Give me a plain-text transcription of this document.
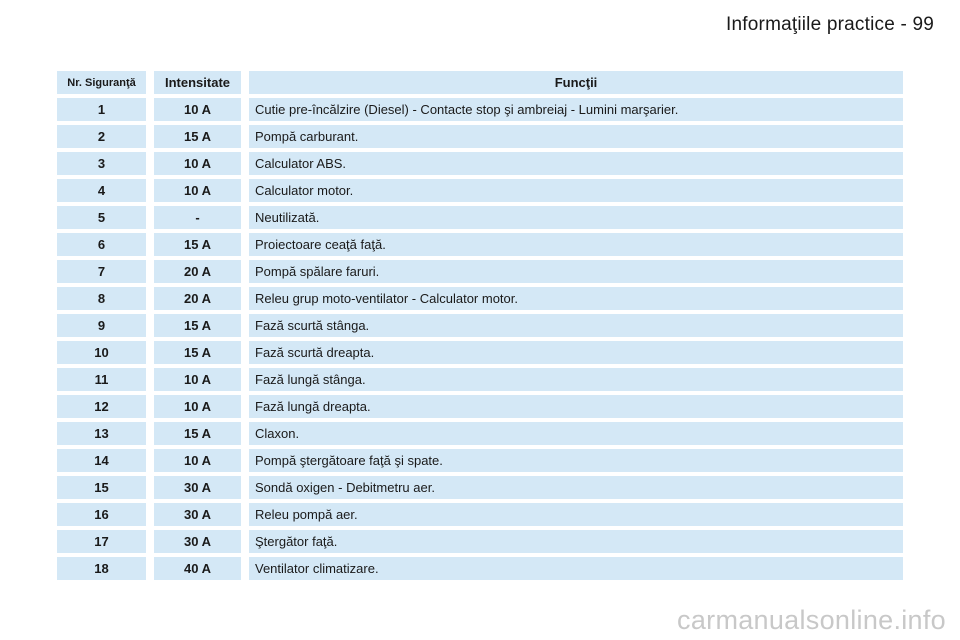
Informaţiile practice - 99
Nr. Siguranţă		Intensitate		Funcţii
1		10 A		Cutie pre-încălzire (Diesel) - Contacte stop şi ambreiaj - Lumini marşarier.
2		15 A		Pompă carburant.
3		10 A		Calculator ABS.
4		10 A		Calculator motor.
5		-		Neutilizată.
6		15 A		Proiectoare ceaţă faţă.
7		20 A		Pompă spălare faruri.
8		20 A		Releu grup moto-ventilator - Calculator motor.
9		15 A		Fază scurtă stânga.
10		15 A		Fază scurtă dreapta.
11		10 A		Fază lungă stânga.
12		10 A		Fază lungă dreapta.
13		15 A		Claxon.
14		10 A		Pompă ştergătoare faţă şi spate.
15		30 A		Sondă oxigen - Debitmetru aer.
16		30 A		Releu pompă aer.
17		30 A		Ştergător faţă.
18		40 A		Ventilator climatizare.
carmanualsonline.info
